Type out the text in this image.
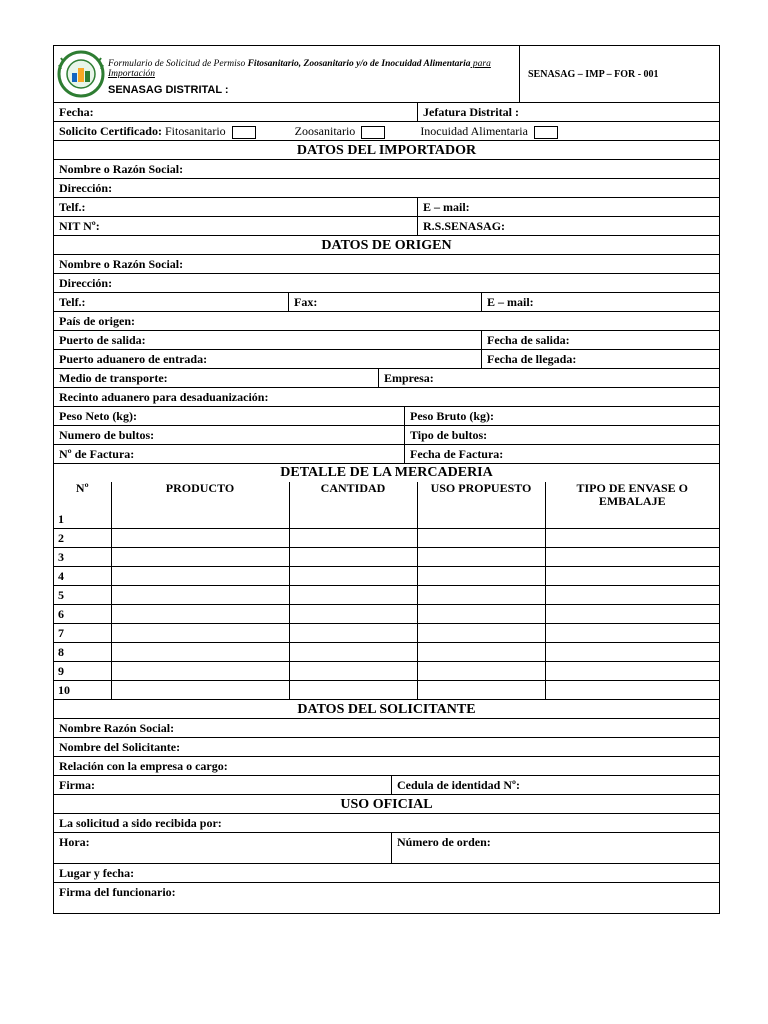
Formulario de Solicitud de Permiso Fitosanitario, Zoosanitario y/o de Inocuidad Alimentaria para Importación
SENASAG DISTRITAL :
SENASAG – IMP – FOR - 001
Fecha:	Jefatura Distrital :
Solicito Certificado: Fitosanitario	Zoosanitario	Inocuidad Alimentaria
DATOS DEL IMPORTADOR
Nombre o Razón Social:
Dirección:
Telf.:	E – mail:
NIT Nº:	R.S.SENASAG:
DATOS DE ORIGEN
Nombre o Razón Social:
Dirección:
Telf.:	Fax:	E – mail:
País de origen:
Puerto de salida:	Fecha de salida:
Puerto aduanero de entrada:	Fecha de llegada:
Medio de transporte:	Empresa:
Recinto aduanero para desaduanización:
Peso Neto (kg):	Peso Bruto (kg):
Numero de bultos:	Tipo de bultos:
Nº de Factura:	Fecha de Factura:
DETALLE DE LA MERCADERIA
Nº	PRODUCTO	CANTIDAD	USO PROPUESTO	TIPO DE ENVASE O EMBALAJE
1				
2				
3				
4				
5				
6				
7				
8				
9				
10				
DATOS DEL SOLICITANTE
Nombre Razón Social:
Nombre del Solicitante:
Relación con la empresa o cargo:
Firma:	Cedula de identidad Nº:
USO OFICIAL
La solicitud a sido recibida por:
Hora:	Número de orden:
Lugar y fecha:
Firma del funcionario:
